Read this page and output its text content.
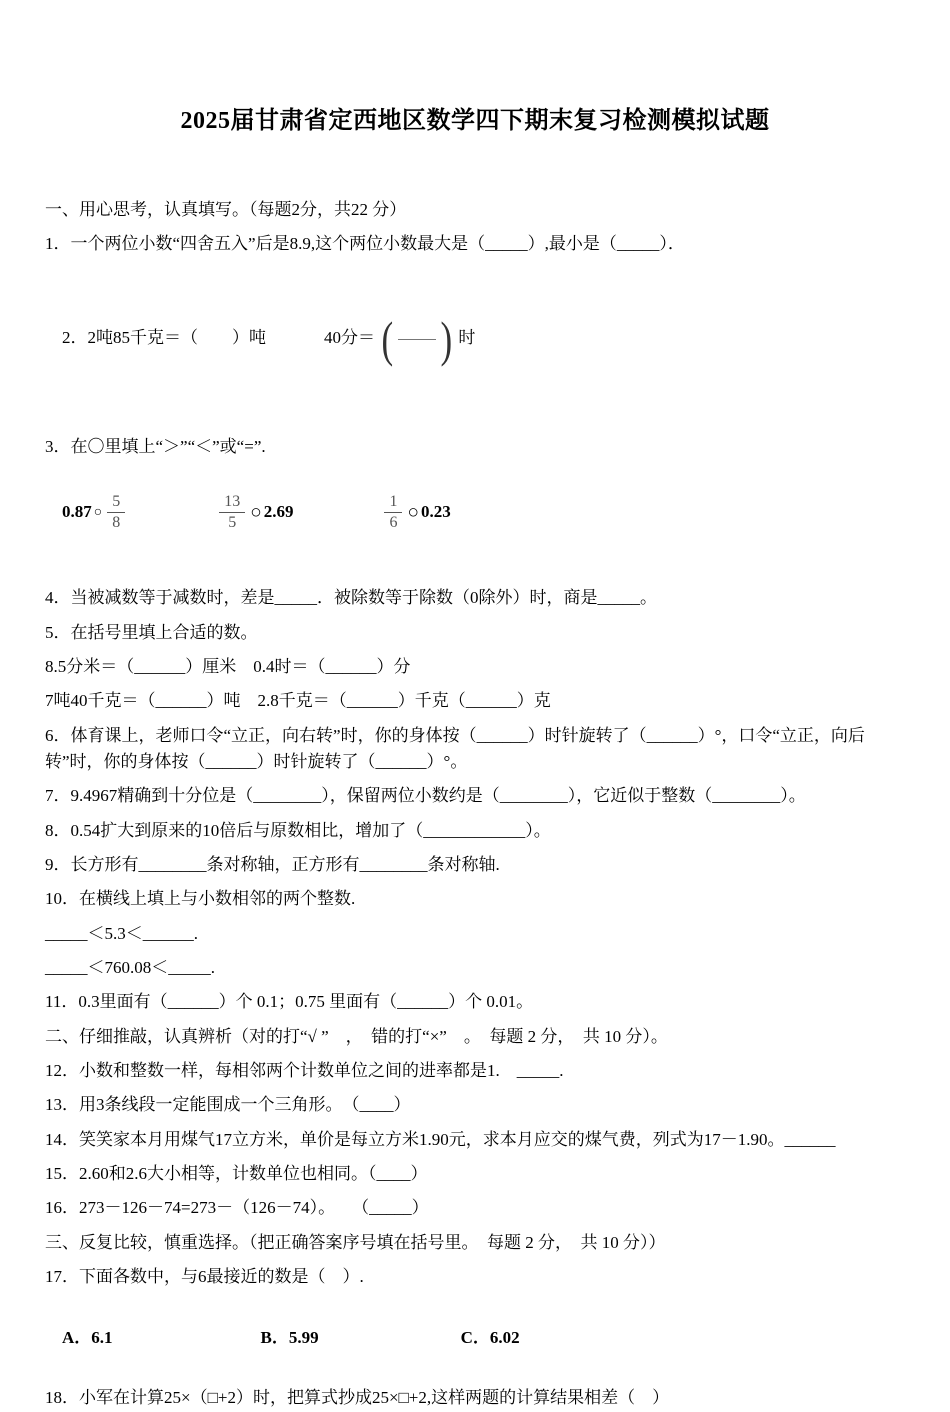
2025届甘肃省定西地区数学四下期末复习检测模拟试题

一、用心思考，认真填写。（每题2分，共22 分）

1．一个两位小数“四舍五入”后是8.9,这个两位小数最大是（_____）,最小是（_____）．

2．2吨85千克＝（　　）吨	40分＝ ( ) 时

3．在〇里填上“＞”“＜”或“=”.

0.87 ○ $\frac{5}{8}$	$\frac{13}{5}$ ○ 2.69	$\frac{1}{6}$ ○ 0.23

4．当被减数等于减数时，差是_____．被除数等于除数（0除外）时，商是_____。

5．在括号里填上合适的数。

8.5分米＝（______）厘米　0.4时＝（______）分

7吨40千克＝（______）吨　2.8千克＝（______）千克（______）克

6．体育课上，老师口令“立正，向右转”时，你的身体按（______）时针旋转了（______）°，口令“立正，向后转”时，你的身体按（______）时针旋转了（______）°。

7．9.4967精确到十分位是（________），保留两位小数约是（________），它近似于整数（________）。

8．0.54扩大到原来的10倍后与原数相比，增加了（____________）。

9．长方形有________条对称轴，正方形有________条对称轴.

10．在横线上填上与小数相邻的两个整数.

_____＜5.3＜______.

_____＜760.08＜_____.

11．0.3里面有（______）个 0.1；0.75 里面有（______）个 0.01。

二、仔细推敲，认真辨析（对的打“√ ”　，  错的打“×”　。  每题 2 分，  共 10 分）。

12．小数和整数一样，每相邻两个计数单位之间的进率都是1.　_____.

13．用3条线段一定能围成一个三角形。　（____）

14．笑笑家本月用煤气17立方米，单价是每立方米1.90元，求本月应交的煤气费，列式为17－1.90。______

15．2.60和2.6大小相等，计数单位也相同。（____）

16．273－126－74=273－（126－74）。　　（_____）

三、反复比较，慎重选择。（把正确答案序号填在括号里。  每题 2 分，  共 10 分））

17．下面各数中，与6最接近的数是（　）.

A．6.1	B．5.99	C．6.02

18．小军在计算25×（□+2）时，把算式抄成25×□+2,这样两题的计算结果相差（　）
